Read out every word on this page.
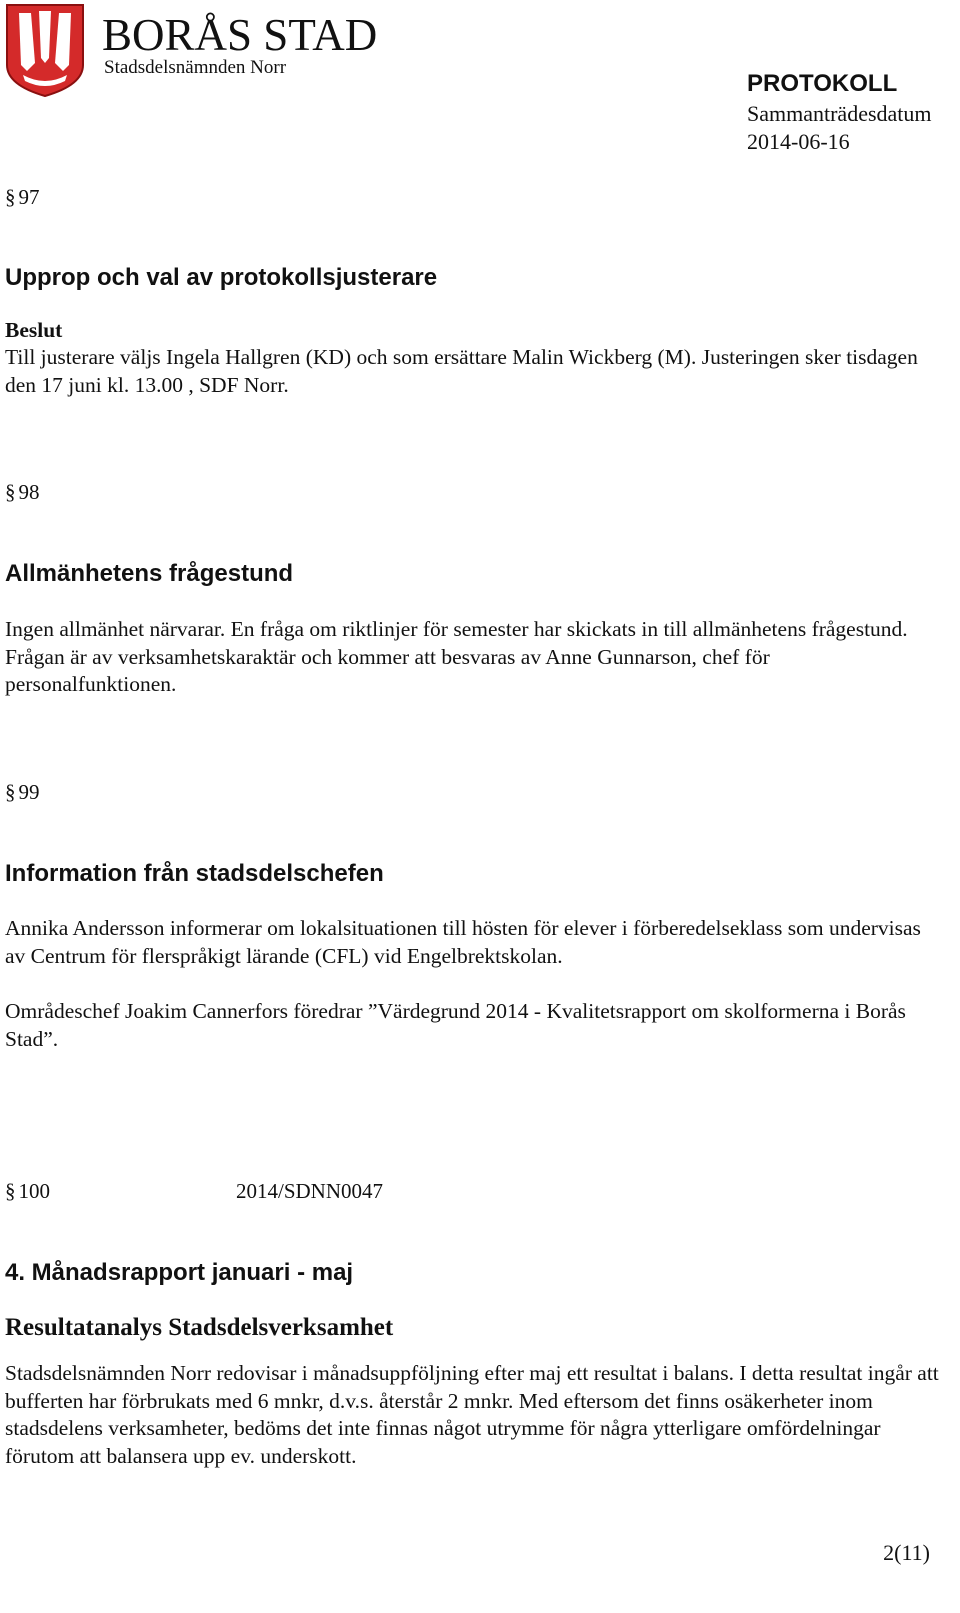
BORÅS STAD
Stadsdelsnämnden Norr
PROTOKOLL
Sammanträdesdatum
2014-06-16
§ 97
Upprop och val av protokollsjusterare

Beslut

Till justerare väljs Ingela Hallgren (KD) och som ersättare Malin Wickberg (M). Justeringen sker tisdagen den 17 juni kl. 13.00 , SDF Norr.

§ 98
Allmänhetens frågestund

Ingen allmänhet närvarar. En fråga om riktlinjer för semester har skickats in till allmänhetens frågestund. Frågan är av verksamhetskaraktär och kommer att besvaras av Anne Gunnarson, chef för personalfunktionen.

§ 99
Information från stadsdelschefen

Annika Andersson informerar om lokalsituationen till hösten för elever i förberedelseklass som undervisas av Centrum för flerspråkigt lärande (CFL) vid Engelbrektskolan.

Områdeschef Joakim Cannerfors föredrar ”Värdegrund 2014 - Kvalitetsrapport om skolformerna i Borås Stad”.

§ 100	2014/SDNN0047
4. Månadsrapport januari - maj
Resultatanalys Stadsdelsverksamhet

Stadsdelsnämnden Norr redovisar i månadsuppföljning efter maj ett resultat i balans. I detta resultat ingår att bufferten har förbrukats med 6 mnkr, d.v.s. återstår 2 mnkr. Med eftersom det finns osäkerheter inom stadsdelens verksamheter, bedöms det inte finnas något utrymme för några ytterligare omfördelningar förutom att balansera upp ev. underskott.

2(11)
